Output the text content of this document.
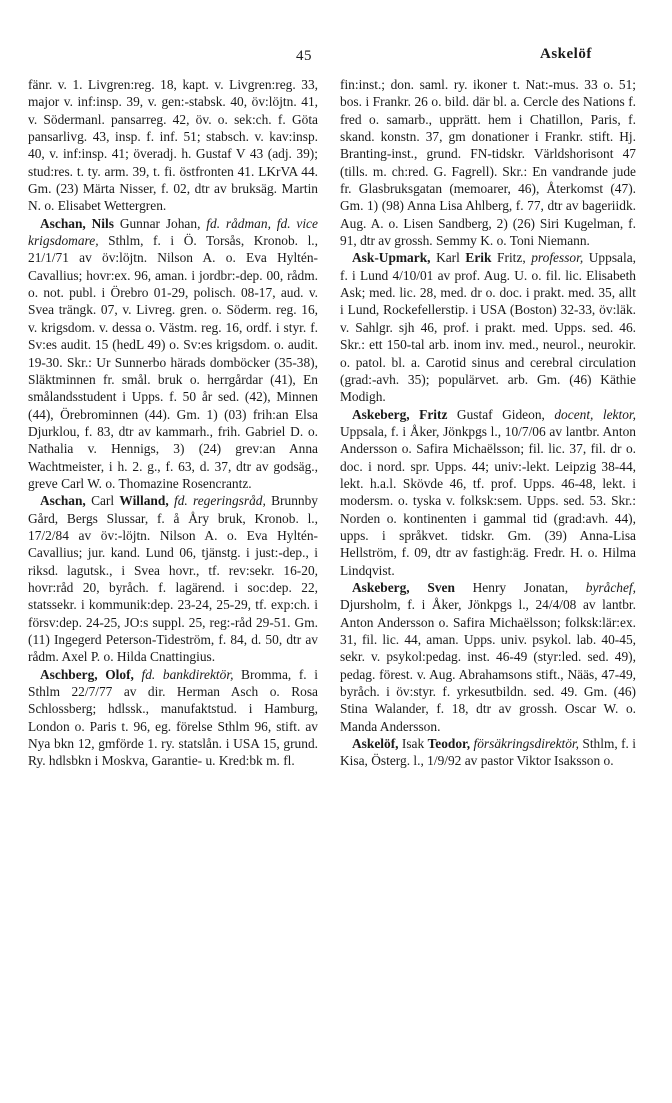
45	Askelöf

fänr. v. 1. Livgren:reg. 18, kapt. v. Livgren:reg. 33, major v. inf:insp. 39, v. gen:-stabsk. 40, öv:löjtn. 41, v. Södermanl. pansarreg. 42, öv. o. sek:ch. f. Göta pansarlivg. 43, insp. f. inf. 51; stabsch. v. kav:insp. 40, v. inf:insp. 41; överadj. h. Gustaf V 43 (adj. 39); stud:res. t. ty. arm. 39, t. fi. östfronten 41. LKrVA 44. Gm. (23) Märta Nisser, f. 02, dtr av bruksäg. Martin N. o. Elisabet Wettergren.

Aschan, Nils Gunnar Johan, fd. rådman, fd. vice krigsdomare, Sthlm, f. i Ö. Torsås, Kronob. l., 21/1/71 av öv:löjtn. Nilson A. o. Eva Hyltén-Cavallius; hovr:ex. 96, aman. i jordbr:-dep. 00, rådm. o. not. publ. i Örebro 01-29, polisch. 08-17, aud. v. Svea trängk. 07, v. Livreg. gren. o. Söderm. reg. 16, v. krigsdom. v. dessa o. Västm. reg. 16, ordf. i styr. f. Sv:es audit. 15 (hedL 49) o. Sv:es krigsdom. o. audit. 19-30. Skr.: Ur Sunnerbo härads domböcker (35-38), Släktminnen fr. smål. bruk o. herrgårdar (41), En smålandsstudent i Upps. f. 50 år sed. (42), Minnen (44), Örebrominnen (44). Gm. 1) (03) frih:an Elsa Djurklou, f. 83, dtr av kammarh., frih. Gabriel D. o. Nathalia v. Hennigs, 3) (24) grev:an Anna Wachtmeister, i h. 2. g., f. 63, d. 37, dtr av godsäg., greve Carl W. o. Thomazine Rosencrantz.

Aschan, Carl Willand, fd. regeringsråd, Brunnby Gård, Bergs Slussar, f. å Åry bruk, Kronob. l., 17/2/84 av öv:-löjtn. Nilson A. o. Eva Hyltén-Cavallius; jur. kand. Lund 06, tjänstg. i just:-dep., i riksd. lagutsk., i Svea hovr., tf. rev:sekr. 16-20, hovr:råd 20, byråch. f. lagärend. i soc:dep. 22, statssekr. i kommunik:dep. 23-24, 25-29, tf. exp:ch. i försv:dep. 24-25, JO:s suppl. 25, reg:-råd 29-51. Gm. (11) Ingegerd Peterson-Tideström, f. 84, d. 50, dtr av rådm. Axel P. o. Hilda Cnattingius.

Aschberg, Olof, fd. bankdirektör, Bromma, f. i Sthlm 22/7/77 av dir. Herman Asch o. Rosa Schlossberg; hdlssk., manufaktstud. i Hamburg, London o. Paris t. 96, eg. förelse Sthlm 96, stift. av Nya bkn 12, gmförde 1. ry. statslån. i USA 15, grund. Ry. hdlsbkn i Moskva, Garantie- u. Kred:bk m. fl.

fin:inst.; don. saml. ry. ikoner t. Nat:-mus. 33 o. 51; bos. i Frankr. 26 o. bild. där bl. a. Cercle des Nations f. fred o. samarb., upprätt. hem i Chatillon, Paris, f. skand. konstn. 37, gm donationer i Frankr. stift. Hj. Branting-inst., grund. FN-tidskr. Världshorisont 47 (tills. m. ch:red. G. Fagrell). Skr.: En vandrande jude fr. Glasbruksgatan (memoarer, 46), Återkomst (47). Gm. 1) (98) Anna Lisa Ahlberg, f. 77, dtr av bageriidk. Aug. A. o. Lisen Sandberg, 2) (26) Siri Kugelman, f. 91, dtr av grossh. Semmy K. o. Toni Niemann.

Ask-Upmark, Karl Erik Fritz, professor, Uppsala, f. i Lund 4/10/01 av prof. Aug. U. o. fil. lic. Elisabeth Ask; med. lic. 28, med. dr o. doc. i prakt. med. 35, allt i Lund, Rockefellerstip. i USA (Boston) 32-33, öv:läk. v. Sahlgr. sjh 46, prof. i prakt. med. Upps. sed. 46. Skr.: ett 150-tal arb. inom inv. med., neurol., neurokir. o. patol. bl. a. Carotid sinus and cerebral circulation (grad:-avh. 35); populärvet. arb. Gm. (46) Käthie Modigh.

Askeberg, Fritz Gustaf Gideon, docent, lektor, Uppsala, f. i Åker, Jönkpgs l., 10/7/06 av lantbr. Anton Andersson o. Safira Michaëlsson; fil. lic. 37, fil. dr o. doc. i nord. spr. Upps. 44; univ:-lekt. Leipzig 38-44, lekt. h.a.l. Skövde 46, tf. prof. Upps. 46-48, lekt. i modersm. o. tyska v. folksk:sem. Upps. sed. 53. Skr.: Norden o. kontinenten i gammal tid (grad:avh. 44), upps. i språkvet. tidskr. Gm. (39) Anna-Lisa Hellström, f. 09, dtr av fastigh:äg. Fredr. H. o. Hilma Lindqvist.

Askeberg, Sven Henry Jonatan, byråchef, Djursholm, f. i Åker, Jönkpgs l., 24/4/08 av lantbr. Anton Andersson o. Safira Michaëlsson; folksk:lär:ex. 31, fil. lic. 44, aman. Upps. univ. psykol. lab. 40-45, sekr. v. psykol:pedag. inst. 46-49 (styr:led. sed. 49), pedag. förest. v. Aug. Abrahamsons stift., Nääs, 47-49, byråch. i öv:styr. f. yrkesutbildn. sed. 49. Gm. (46) Stina Walander, f. 18, dtr av grossh. Oscar W. o. Manda Andersson.

Askelöf, Isak Teodor, försäkringsdirektör, Sthlm, f. i Kisa, Österg. l., 1/9/92 av pastor Viktor Isaksson o.
